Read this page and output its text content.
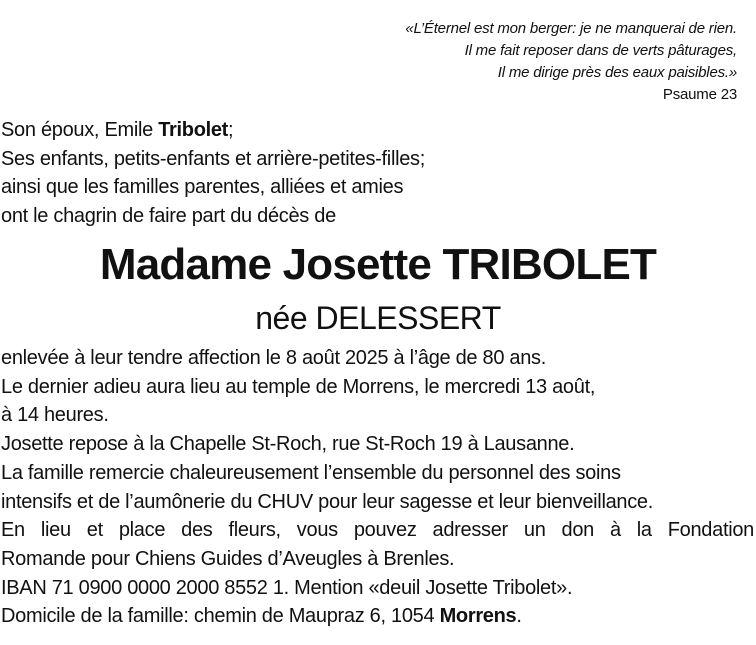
«L’Éternel est mon berger: je ne manquerai de rien.
Il me fait reposer dans de verts pâturages,
Il me dirige près des eaux paisibles.»
Psaume 23

Son époux, Emile Tribolet;

Ses enfants, petits-enfants et arrière-petites-filles;

ainsi que les familles parentes, alliées et amies

ont le chagrin de faire part du décès de

Madame Josette TRIBOLET
née DELESSERT

enlevée à leur tendre affection le 8 août 2025 à l’âge de 80 ans.

Le dernier adieu aura lieu au temple de Morrens, le mercredi 13 août,

à 14 heures.

Josette repose à la Chapelle St-Roch, rue St-Roch 19 à Lausanne.

La famille remercie chaleureusement l’ensemble du personnel des soins

intensifs et de l’aumônerie du CHUV pour leur sagesse et leur bienveillance.

En lieu et place des fleurs, vous pouvez adresser un don à la Fondation

Romande pour Chiens Guides d’Aveugles à Brenles.

IBAN 71 0900 0000 2000 8552 1. Mention «deuil Josette Tribolet».

Domicile de la famille: chemin de Maupraz 6, 1054 Morrens.
